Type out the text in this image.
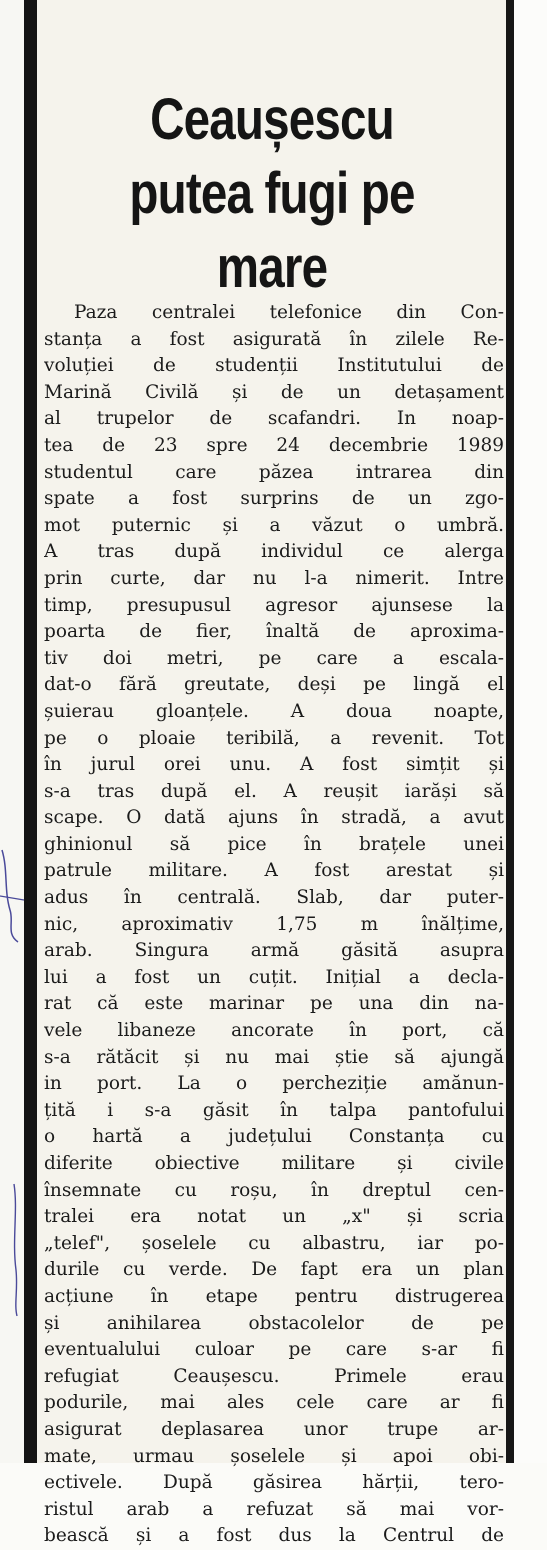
Ceaușescu
putea fugi pe mare
Paza centralei telefonice din Con-
stanța a fost asigurată în zilele Re-
voluției de studenții Institutului de
Marină Civilă și de un detașament
al trupelor de scafandri. In noap-
tea de 23 spre 24 decembrie 1989
studentul care păzea intrarea din
spate a fost surprins de un zgo-
mot puternic și a văzut o umbră.
A tras după individul ce alerga
prin curte, dar nu l-a nimerit. Intre
timp, presupusul agresor ajunsese la
poarta de fier, înaltă de aproxima-
tiv doi metri, pe care a escala-
dat-o fără greutate, deși pe lingă el
șuierau gloanțele. A doua noapte,
pe o ploaie teribilă, a revenit. Tot
în jurul orei unu. A fost simțit și
s-a tras după el. A reușit iarăși să
scape. O dată ajuns în stradă, a avut
ghinionul să pice în brațele unei
patrule militare. A fost arestat și
adus în centrală. Slab, dar puter-
nic, aproximativ 1,75 m înălțime,
arab. Singura armă găsită asupra
lui a fost un cuțit. Inițial a decla-
rat că este marinar pe una din na-
vele libaneze ancorate în port, că
s-a rătăcit și nu mai știe să ajungă
in port. La o percheziție amănun-
țită i s-a găsit în talpa pantofului
o hartă a județului Constanța cu
diferite obiective militare și civile
însemnate cu roșu, în dreptul cen-
tralei era notat un „x" și scria
„telef", șoselele cu albastru, iar po-
durile cu verde. De fapt era un plan
acțiune în etape pentru distrugerea
și anihilarea obstacolelor de pe
eventualului culoar pe care s-ar fi
refugiat Ceaușescu. Primele erau
podurile, mai ales cele care ar fi
asigurat deplasarea unor trupe ar-
mate, urmau șoselele și apoi obi-
ectivele. După găsirea hărții, tero-
ristul arab a refuzat să mai vor-
bească și a fost dus la Centrul de
